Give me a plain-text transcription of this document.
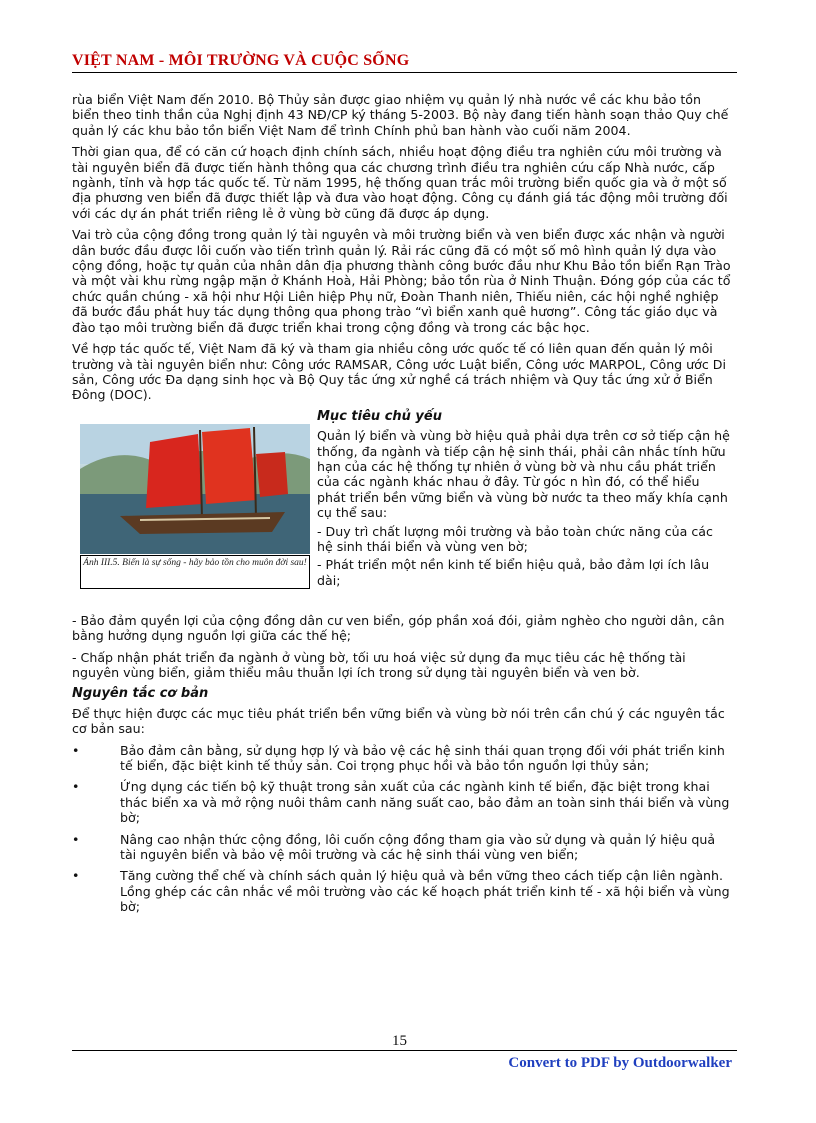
VIỆT NAM - MÔI TRƯỜNG VÀ CUỘC SỐNG

rùa biển Việt Nam đến 2010. Bộ Thủy sản được giao nhiệm vụ quản lý nhà nước về các khu bảo tồn biển theo tinh thần của Nghị định 43 NĐ/CP ký tháng 5-2003. Bộ này đang tiến hành soạn thảo Quy chế quản lý các khu bảo tồn biển Việt Nam để trình Chính phủ ban hành vào cuối năm 2004.

Thời gian qua, để có căn cứ hoạch định chính sách, nhiều hoạt động điều tra nghiên cứu môi trường và tài nguyên biển đã được tiến hành thông qua các chương trình điều tra nghiên cứu cấp Nhà nước, cấp ngành, tỉnh và hợp tác quốc tế. Từ năm 1995, hệ thống quan trắc môi trường biển quốc gia và ở một số địa phương ven biển đã được thiết lập và đưa vào hoạt động. Công cụ đánh giá tác động môi trường đối với các dự án phát triển riêng lẻ ở vùng bờ cũng đã được áp dụng.

Vai trò của cộng đồng trong quản lý tài nguyên và môi trường biển và ven biển được xác nhận và người dân bước đầu được lôi cuốn vào tiến trình quản lý. Rải rác cũng đã có một số mô hình quản lý dựa vào cộng đồng, hoặc tự quản của nhân dân địa phương thành công bước đầu như Khu Bảo tồn biển Rạn Trào và một vài khu rừng ngập mặn ở Khánh Hoà, Hải Phòng; bảo tồn rùa ở Ninh Thuận. Đóng góp của các tổ chức quần chúng - xã hội như Hội Liên hiệp Phụ nữ, Đoàn Thanh niên, Thiếu niên, các hội nghề nghiệp đã bước đầu phát huy tác dụng thông qua phong trào “vì biển xanh quê hương”. Công tác giáo dục và đào tạo môi trường biển đã được triển khai trong cộng đồng và trong các bậc học.

Về hợp tác quốc tế, Việt Nam đã ký và tham gia nhiều công ước quốc tế có liên quan đến quản lý môi trường và tài nguyên biển như: Công ước RAMSAR, Công ước Luật biển, Công ước MARPOL, Công ước Di sản, Công ước Đa dạng sinh học và Bộ Quy tắc ứng xử nghề cá trách nhiệm và Quy tắc ứng xử ở Biển Đông (DOC).

Ảnh III.5. Biển là sự sống - hãy bảo tồn cho muôn đời sau!
Mục tiêu chủ yếu

Quản lý biển và vùng bờ hiệu quả phải dựa trên cơ sở tiếp cận hệ thống, đa ngành và tiếp cận hệ sinh thái, phải cân nhắc tính hữu hạn của các hệ thống tự nhiên ở vùng bờ và nhu cầu phát triển của các ngành khác nhau ở đây. Từ góc n hìn đó, có thể hiểu phát triển bền vững biển và vùng bờ nước ta theo mấy khía cạnh cụ thể sau:

- Duy trì chất lượng môi trường và bảo toàn chức năng của các hệ sinh thái biển và vùng ven bờ;

- Phát triển một nền kinh tế biển hiệu quả, bảo đảm lợi ích lâu dài;

- Bảo đảm quyền lợi của cộng đồng dân cư ven biển, góp phần xoá đói, giảm nghèo cho người dân, cân bằng hưởng dụng nguồn lợi giữa các thế hệ;

- Chấp nhận phát triển đa ngành ở vùng bờ, tối ưu hoá việc sử dụng đa mục tiêu các hệ thống tài nguyên vùng biển, giảm thiểu mâu thuẫn lợi ích trong sử dụng tài nguyên biển và ven bờ.

Nguyên tắc cơ bản

Để thực hiện được các mục tiêu phát triển bền vững biển và vùng bờ nói trên cần chú ý các nguyên tắc cơ bản sau:

•	Bảo đảm cân bằng, sử dụng hợp lý và bảo vệ các hệ sinh thái quan trọng đối với phát triển kinh tế biển, đặc biệt kinh tế thủy sản. Coi trọng phục hồi và bảo tồn nguồn lợi thủy sản;
•	Ứng dụng các tiến bộ kỹ thuật trong sản xuất của các ngành kinh tế biển, đặc biệt trong khai thác biển xa và mở rộng nuôi thâm canh năng suất cao, bảo đảm an toàn sinh thái biển và vùng bờ;
•	Nâng cao nhận thức cộng đồng, lôi cuốn cộng đồng tham gia vào sử dụng và quản lý hiệu quả tài nguyên biển và bảo vệ môi trường và các hệ sinh thái vùng ven biển;
•	Tăng cường thể chế và chính sách quản lý hiệu quả và bền vững theo cách tiếp cận liên ngành. Lồng ghép các cân nhắc về môi trường vào các kế hoạch phát triển kinh tế - xã hội biển và vùng bờ;
15
Convert to PDF by Outdoorwalker
